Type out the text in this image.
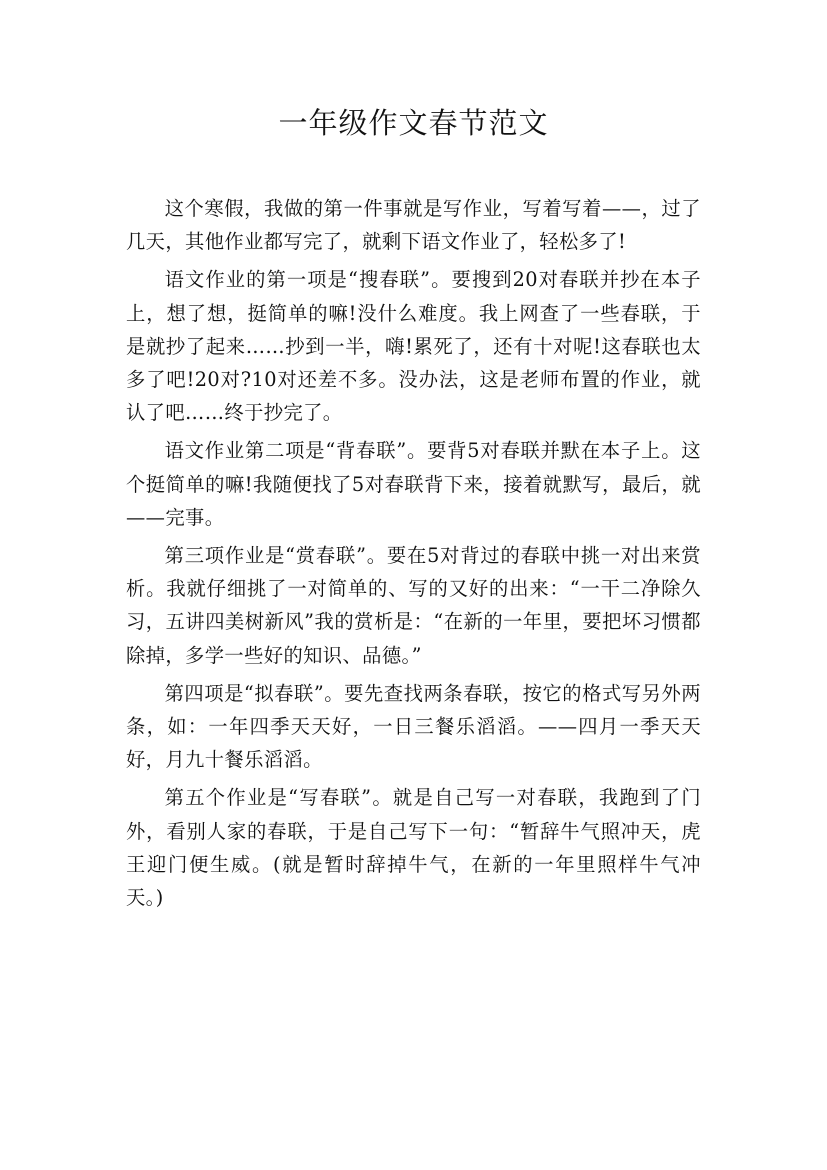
一年级作文春节范文

这个寒假，我做的第一件事就是写作业，写着写着——，过了几天，其他作业都写完了，就剩下语文作业了，轻松多了!

语文作业的第一项是“搜春联”。要搜到20对春联并抄在本子上，想了想，挺简单的嘛!没什么难度。我上网查了一些春联，于是就抄了起来……抄到一半，嗨!累死了，还有十对呢!这春联也太多了吧!20对?10对还差不多。没办法，这是老师布置的作业，就认了吧……终于抄完了。

语文作业第二项是“背春联”。要背5对春联并默在本子上。这个挺简单的嘛!我随便找了5对春联背下来，接着就默写，最后，就——完事。

第三项作业是“赏春联”。要在5对背过的春联中挑一对出来赏析。我就仔细挑了一对简单的、写的又好的出来：“一干二净除久习，五讲四美树新风”我的赏析是：“在新的一年里，要把坏习惯都除掉，多学一些好的知识、品德。”

第四项是“拟春联”。要先查找两条春联，按它的格式写另外两条，如：一年四季天天好，一日三餐乐滔滔。——四月一季天天好，月九十餐乐滔滔。

第五个作业是“写春联”。就是自己写一对春联，我跑到了门外，看别人家的春联，于是自己写下一句：“暂辞牛气照冲天，虎王迎门便生威。(就是暂时辞掉牛气，在新的一年里照样牛气冲天。)
